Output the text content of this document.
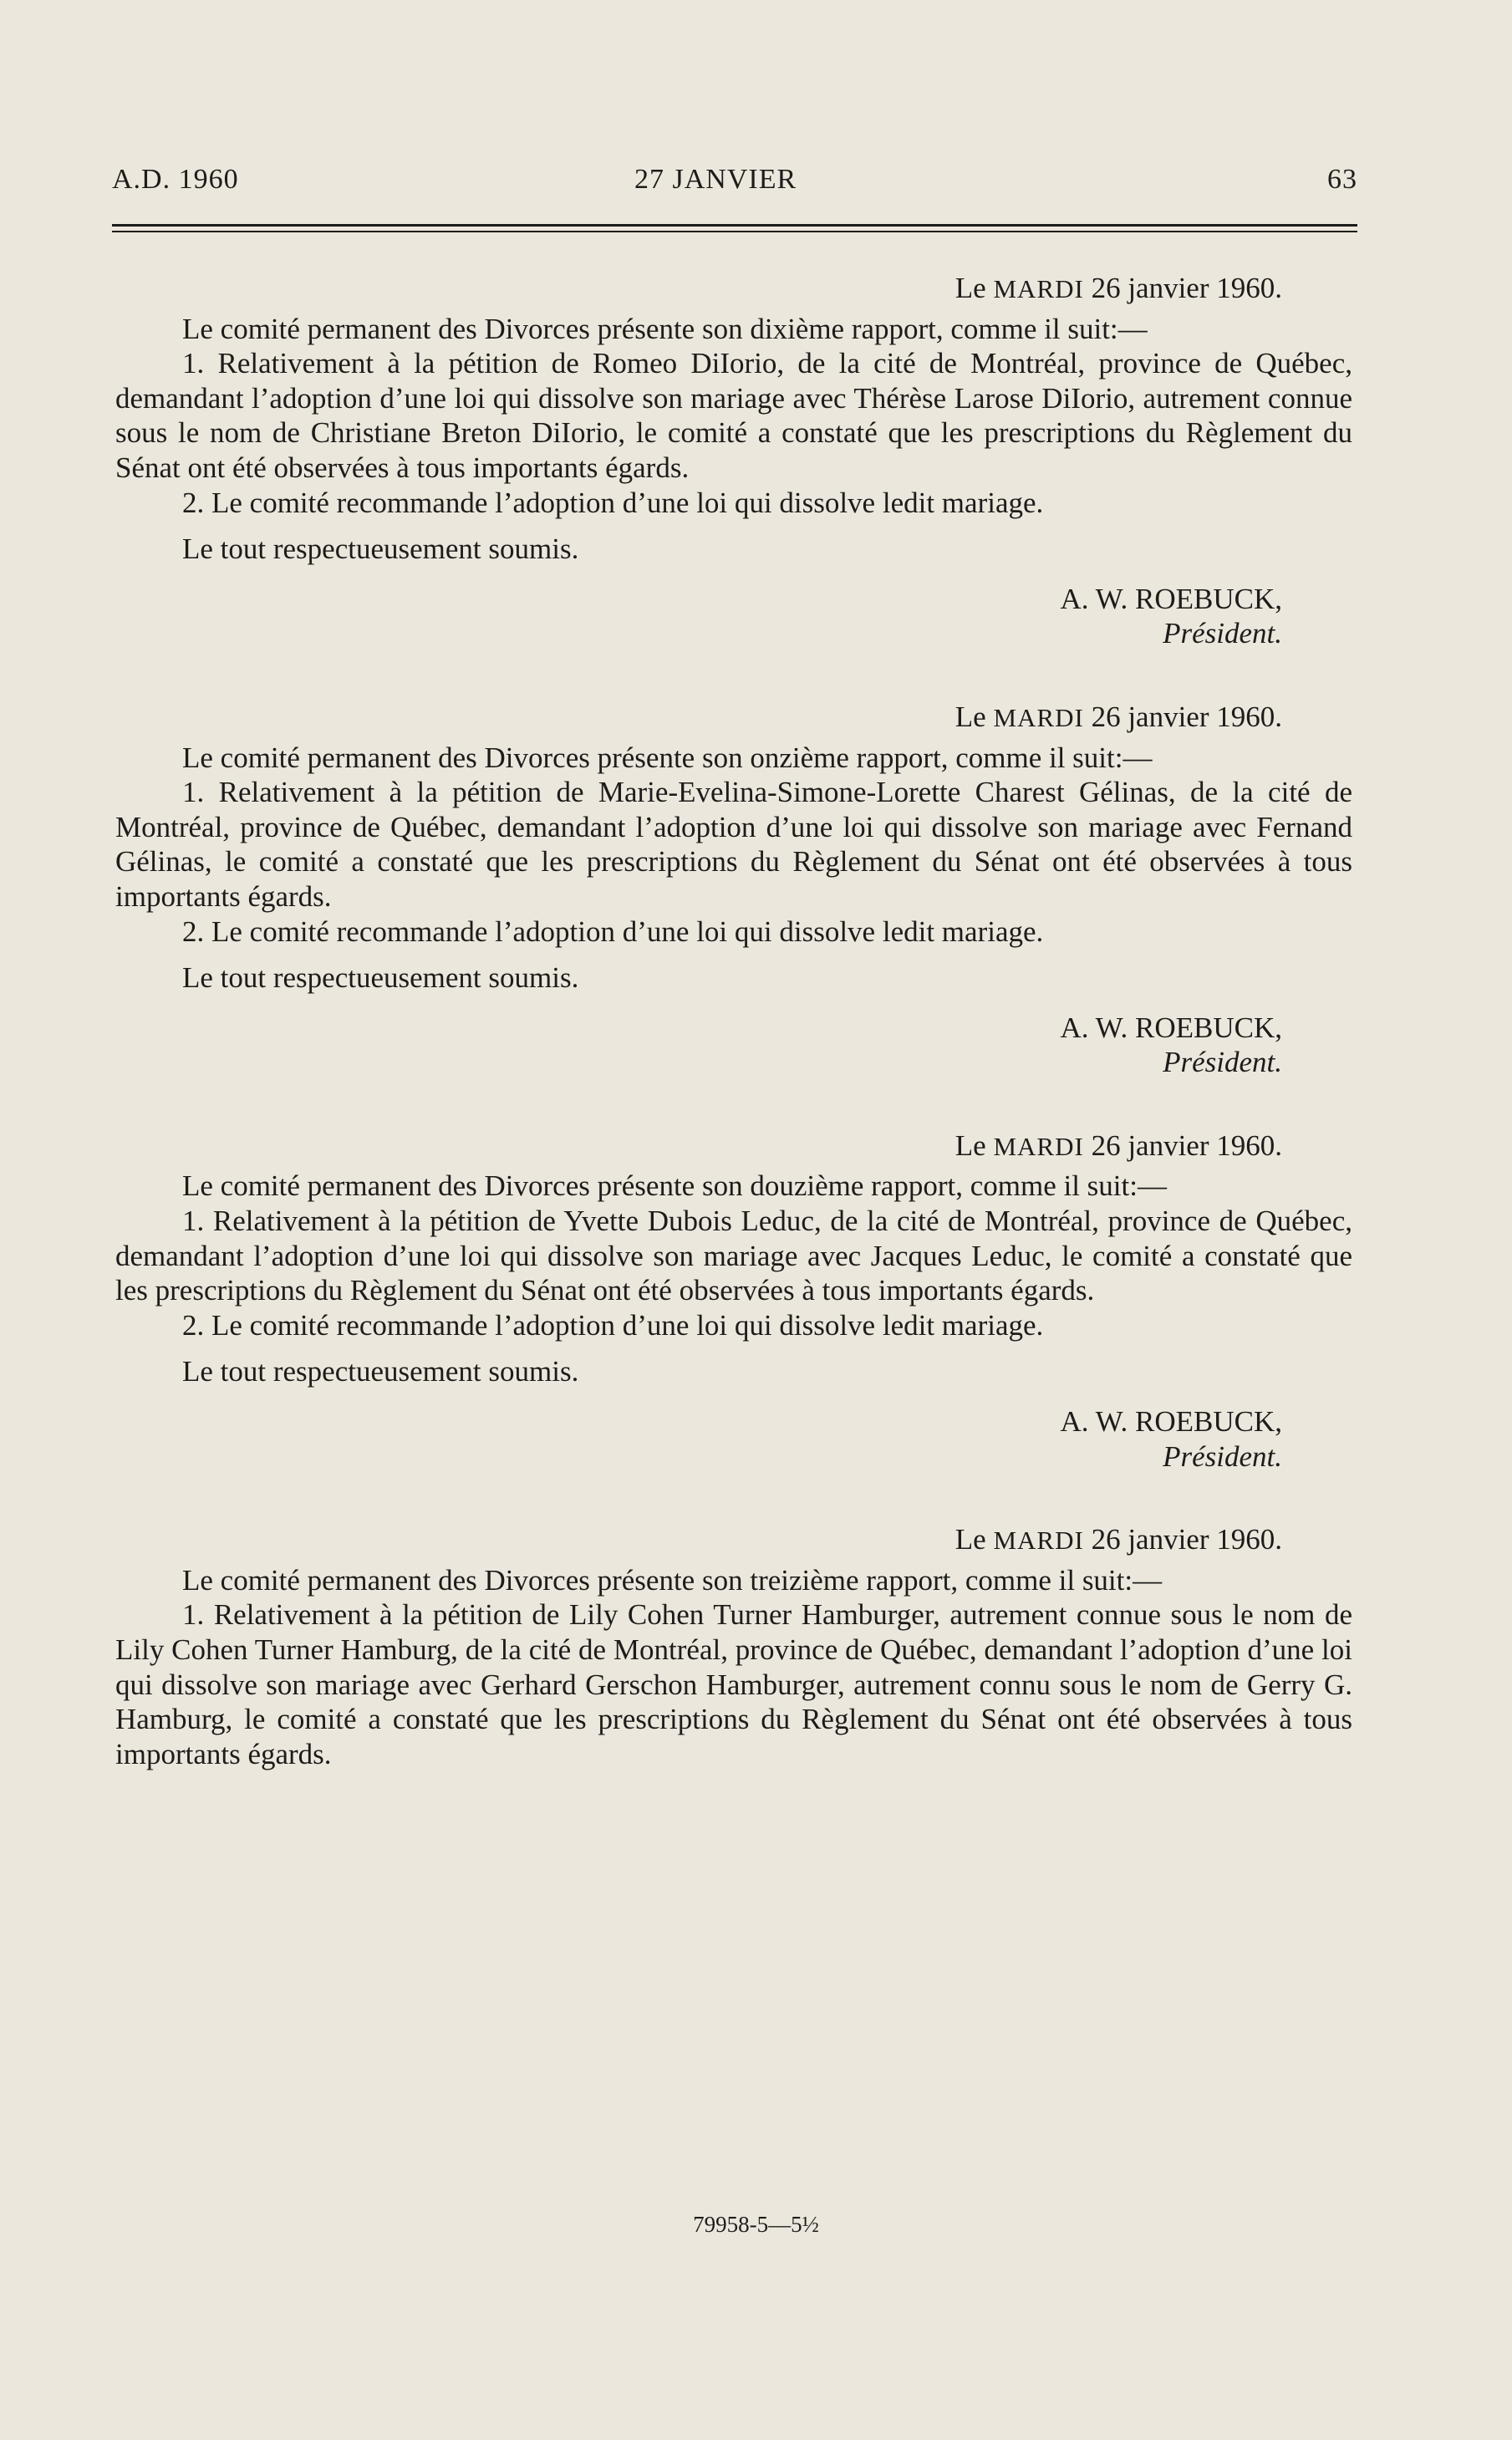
A.D. 1960	27 JANVIER	63
Le MARDI 26 janvier 1960.

Le comité permanent des Divorces présente son dixième rapport, comme il suit:—

1. Relativement à la pétition de Romeo DiIorio, de la cité de Montréal, province de Québec, demandant l’adoption d’une loi qui dissolve son mariage avec Thérèse Larose DiIorio, autrement connue sous le nom de Christiane Breton DiIorio, le comité a constaté que les prescriptions du Règlement du Sénat ont été observées à tous importants égards.

2. Le comité recommande l’adoption d’une loi qui dissolve ledit mariage.

Le tout respectueusement soumis.

A. W. ROEBUCK,
Président.
Le MARDI 26 janvier 1960.

Le comité permanent des Divorces présente son onzième rapport, comme il suit:—

1. Relativement à la pétition de Marie-Evelina-Simone-Lorette Charest Gélinas, de la cité de Montréal, province de Québec, demandant l’adoption d’une loi qui dissolve son mariage avec Fernand Gélinas, le comité a constaté que les prescriptions du Règlement du Sénat ont été observées à tous importants égards.

2. Le comité recommande l’adoption d’une loi qui dissolve ledit mariage.

Le tout respectueusement soumis.

A. W. ROEBUCK,
Président.
Le MARDI 26 janvier 1960.

Le comité permanent des Divorces présente son douzième rapport, comme il suit:—

1. Relativement à la pétition de Yvette Dubois Leduc, de la cité de Montréal, province de Québec, demandant l’adoption d’une loi qui dissolve son mariage avec Jacques Leduc, le comité a constaté que les prescriptions du Règlement du Sénat ont été observées à tous importants égards.

2. Le comité recommande l’adoption d’une loi qui dissolve ledit mariage.

Le tout respectueusement soumis.

A. W. ROEBUCK,
Président.
Le MARDI 26 janvier 1960.

Le comité permanent des Divorces présente son treizième rapport, comme il suit:—

1. Relativement à la pétition de Lily Cohen Turner Hamburger, autrement connue sous le nom de Lily Cohen Turner Hamburg, de la cité de Montréal, province de Québec, demandant l’adoption d’une loi qui dissolve son mariage avec Gerhard Gerschon Hamburger, autrement connu sous le nom de Gerry G. Hamburg, le comité a constaté que les prescriptions du Règlement du Sénat ont été observées à tous importants égards.

79958-5—5½
